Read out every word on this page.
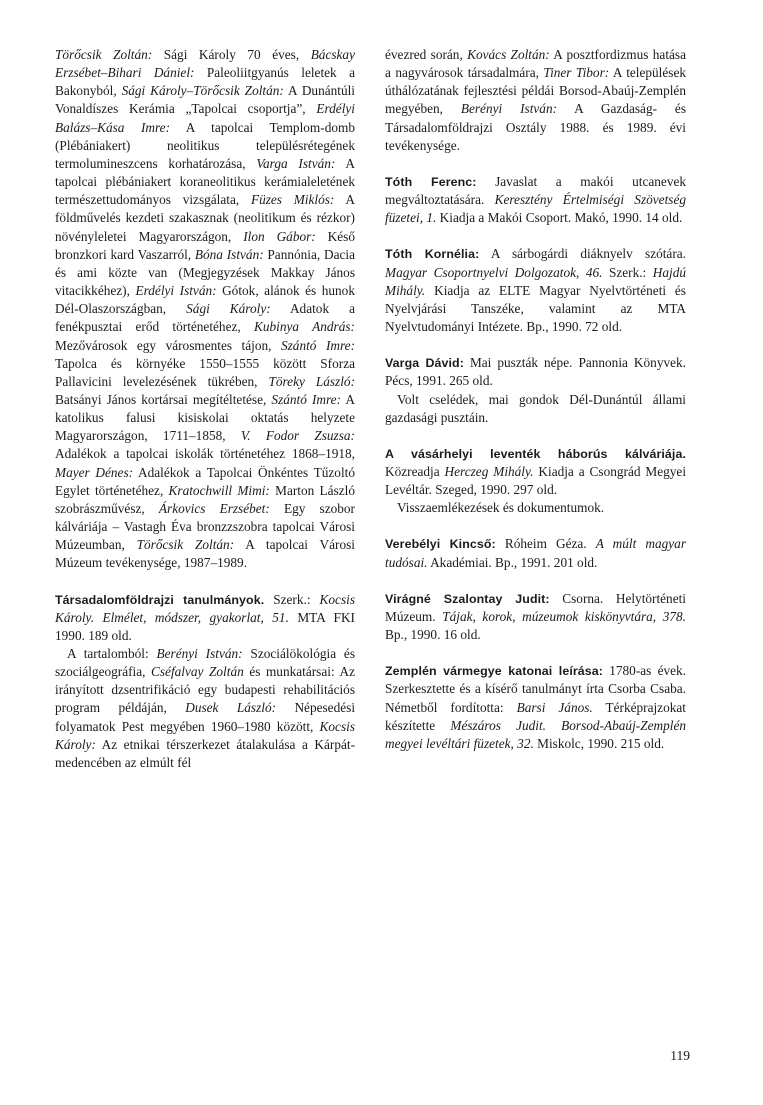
Törőcsik Zoltán: Sági Károly 70 éves, Bácskay Erzsébet–Bihari Dániel: Paleoliitgyanús leletek a Bakonyból, Sági Károly–Törőcsik Zoltán: A Dunántúli Vonaldíszes Kerámia „Tapolcai csoportja”, Erdélyi Balázs–Kása Imre: A tapolcai Templom-domb (Plébániakert) neolitikus településrétegének termolumineszcens korhatározása, Varga István: A tapolcai plébániakert koraneolitikus kerámialeletének természettudományos vizsgálata, Füzes Miklós: A földművelés kezdeti szakasznak (neolitikum és rézkor) növényleletei Magyarországon, Ilon Gábor: Késő bronzkori kard Vaszarról, Bóna István: Pannónia, Dacia és ami közte van (Megjegyzések Makkay János vitacikkéhez), Erdélyi István: Gótok, alánok és hunok Dél-Olaszországban, Sági Károly: Adatok a fenékpusztai erőd történetéhez, Kubinya András: Mezővárosok egy városmentes tájon, Szántó Imre: Tapolca és környéke 1550–1555 között Sforza Pallavicini levelezésének tükrében, Töreky László: Batsányi János kortársai megítéltetése, Szántó Imre: A katolikus falusi kisiskolai oktatás helyzete Magyarországon, 1711–1858, V. Fodor Zsuzsa: Adalékok a tapolcai iskolák történetéhez 1868–1918, Mayer Dénes: Adalékok a Tapolcai Önkéntes Tűzoltó Egylet történetéhez, Kratochwill Mimi: Marton László szobrászművész, Árkovics Erzsébet: Egy szobor kálváriája – Vastagh Éva bronzzszobra tapolcai Városi Múzeumban, Törőcsik Zoltán: A tapolcai Városi Múzeum tevékenysége, 1987–1989.

Társadalomföldrajzi tanulmányok. Szerk.: Kocsis Károly. Elmélet, módszer, gyakorlat, 51. MTA FKI 1990. 189 old.

A tartalomból: Berényi István: Szociálökológia és szociálgeográfia, Cséfalvay Zoltán és munkatársai: Az irányított dzsentrifikáció egy budapesti rehabilitációs program példáján, Dusek László: Népesedési folyamatok Pest megyében 1960–1980 között, Kocsis Károly: Az etnikai térszerkezet átalakulása a Kárpát-medencében az elmúlt fél

évezred során, Kovács Zoltán: A posztfordizmus hatása a nagyvárosok társadalmára, Tiner Tibor: A települések úthálózatának fejlesztési példái Borsod-Abaúj-Zemplén megyében, Berényi István: A Gazdaság- és Társadalomföldrajzi Osztály 1988. és 1989. évi tevékenysége.

Tóth Ferenc: Javaslat a makói utcanevek megváltoztatására. Keresztény Értelmiségi Szövetség füzetei, 1. Kiadja a Makói Csoport. Makó, 1990. 14 old.

Tóth Kornélia: A sárbogárdi diáknyelv szótára. Magyar Csoportnyelvi Dolgozatok, 46. Szerk.: Hajdú Mihály. Kiadja az ELTE Magyar Nyelvtörténeti és Nyelvjárási Tanszéke, valamint az MTA Nyelvtudományi Intézete. Bp., 1990. 72 old.

Varga Dávid: Mai puszták népe. Pannonia Könyvek. Pécs, 1991. 265 old.

Volt cselédek, mai gondok Dél-Dunántúl állami gazdasági pusztáin.

A vásárhelyi leventék háborús kálváriája. Közreadja Herczeg Mihály. Kiadja a Csongrád Megyei Levéltár. Szeged, 1990. 297 old.

Visszaemlékezések és dokumentumok.

Verebélyi Kincső: Róheim Géza. A múlt magyar tudósai. Akadémiai. Bp., 1991. 201 old.

Virágné Szalontay Judit: Csorna. Helytörténeti Múzeum. Tájak, korok, múzeumok kiskönyvtára, 378. Bp., 1990. 16 old.

Zemplén vármegye katonai leírása: 1780-as évek. Szerkesztette és a kísérő tanulmányt írta Csorba Csaba. Németből fordította: Barsi János. Térképrajzokat készítette Mészáros Judit. Borsod-Abaúj-Zemplén megyei levéltári füzetek, 32. Miskolc, 1990. 215 old.

119
